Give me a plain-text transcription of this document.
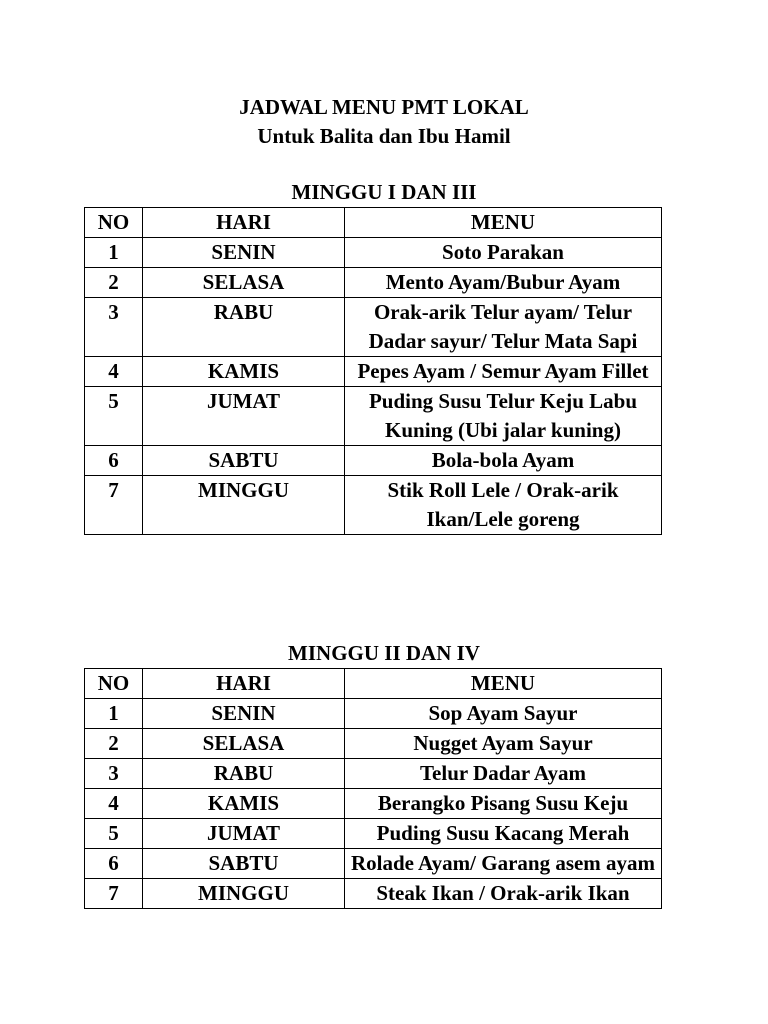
JADWAL MENU PMT LOKAL
Untuk Balita dan Ibu Hamil
MINGGU I DAN III
NO	HARI	MENU
1	SENIN	Soto Parakan
2	SELASA	Mento Ayam/Bubur Ayam
3	RABU	Orak-arik Telur ayam/ Telur Dadar sayur/ Telur Mata Sapi
4	KAMIS	Pepes Ayam / Semur Ayam Fillet
5	JUMAT	Puding Susu Telur Keju Labu Kuning (Ubi jalar kuning)
6	SABTU	Bola-bola Ayam
7	MINGGU	Stik Roll Lele / Orak-arik Ikan/Lele goreng
MINGGU II DAN IV
NO	HARI	MENU
1	SENIN	Sop Ayam Sayur
2	SELASA	Nugget Ayam Sayur
3	RABU	Telur Dadar Ayam
4	KAMIS	Berangko Pisang Susu Keju
5	JUMAT	Puding Susu Kacang Merah
6	SABTU	Rolade Ayam/ Garang asem ayam
7	MINGGU	Steak Ikan / Orak-arik Ikan
